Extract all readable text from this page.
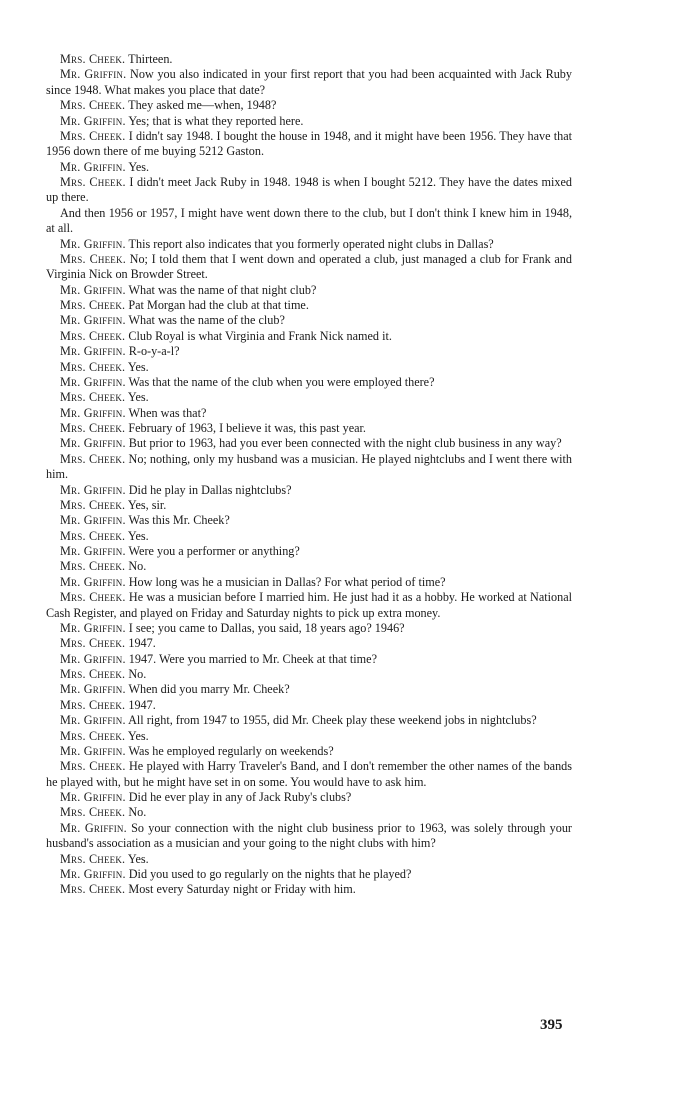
Mrs. Cheek. Thirteen.

Mr. Griffin. Now you also indicated in your first report that you had been acquainted with Jack Ruby since 1948. What makes you place that date?

Mrs. Cheek. They asked me—when, 1948?

Mr. Griffin. Yes; that is what they reported here.

Mrs. Cheek. I didn't say 1948. I bought the house in 1948, and it might have been 1956. They have that 1956 down there of me buying 5212 Gaston.

Mr. Griffin. Yes.

Mrs. Cheek. I didn't meet Jack Ruby in 1948. 1948 is when I bought 5212. They have the dates mixed up there.

And then 1956 or 1957, I might have went down there to the club, but I don't think I knew him in 1948, at all.

Mr. Griffin. This report also indicates that you formerly operated night clubs in Dallas?

Mrs. Cheek. No; I told them that I went down and operated a club, just managed a club for Frank and Virginia Nick on Browder Street.

Mr. Griffin. What was the name of that night club?

Mrs. Cheek. Pat Morgan had the club at that time.

Mr. Griffin. What was the name of the club?

Mrs. Cheek. Club Royal is what Virginia and Frank Nick named it.

Mr. Griffin. R-o-y-a-l?

Mrs. Cheek. Yes.

Mr. Griffin. Was that the name of the club when you were employed there?

Mrs. Cheek. Yes.

Mr. Griffin. When was that?

Mrs. Cheek. February of 1963, I believe it was, this past year.

Mr. Griffin. But prior to 1963, had you ever been connected with the night club business in any way?

Mrs. Cheek. No; nothing, only my husband was a musician. He played nightclubs and I went there with him.

Mr. Griffin. Did he play in Dallas nightclubs?

Mrs. Cheek. Yes, sir.

Mr. Griffin. Was this Mr. Cheek?

Mrs. Cheek. Yes.

Mr. Griffin. Were you a performer or anything?

Mrs. Cheek. No.

Mr. Griffin. How long was he a musician in Dallas? For what period of time?

Mrs. Cheek. He was a musician before I married him. He just had it as a hobby. He worked at National Cash Register, and played on Friday and Saturday nights to pick up extra money.

Mr. Griffin. I see; you came to Dallas, you said, 18 years ago? 1946?

Mrs. Cheek. 1947.

Mr. Griffin. 1947. Were you married to Mr. Cheek at that time?

Mrs. Cheek. No.

Mr. Griffin. When did you marry Mr. Cheek?

Mrs. Cheek. 1947.

Mr. Griffin. All right, from 1947 to 1955, did Mr. Cheek play these weekend jobs in nightclubs?

Mrs. Cheek. Yes.

Mr. Griffin. Was he employed regularly on weekends?

Mrs. Cheek. He played with Harry Traveler's Band, and I don't remember the other names of the bands he played with, but he might have set in on some. You would have to ask him.

Mr. Griffin. Did he ever play in any of Jack Ruby's clubs?

Mrs. Cheek. No.

Mr. Griffin. So your connection with the night club business prior to 1963, was solely through your husband's association as a musician and your going to the night clubs with him?

Mrs. Cheek. Yes.

Mr. Griffin. Did you used to go regularly on the nights that he played?

Mrs. Cheek. Most every Saturday night or Friday with him.

395
